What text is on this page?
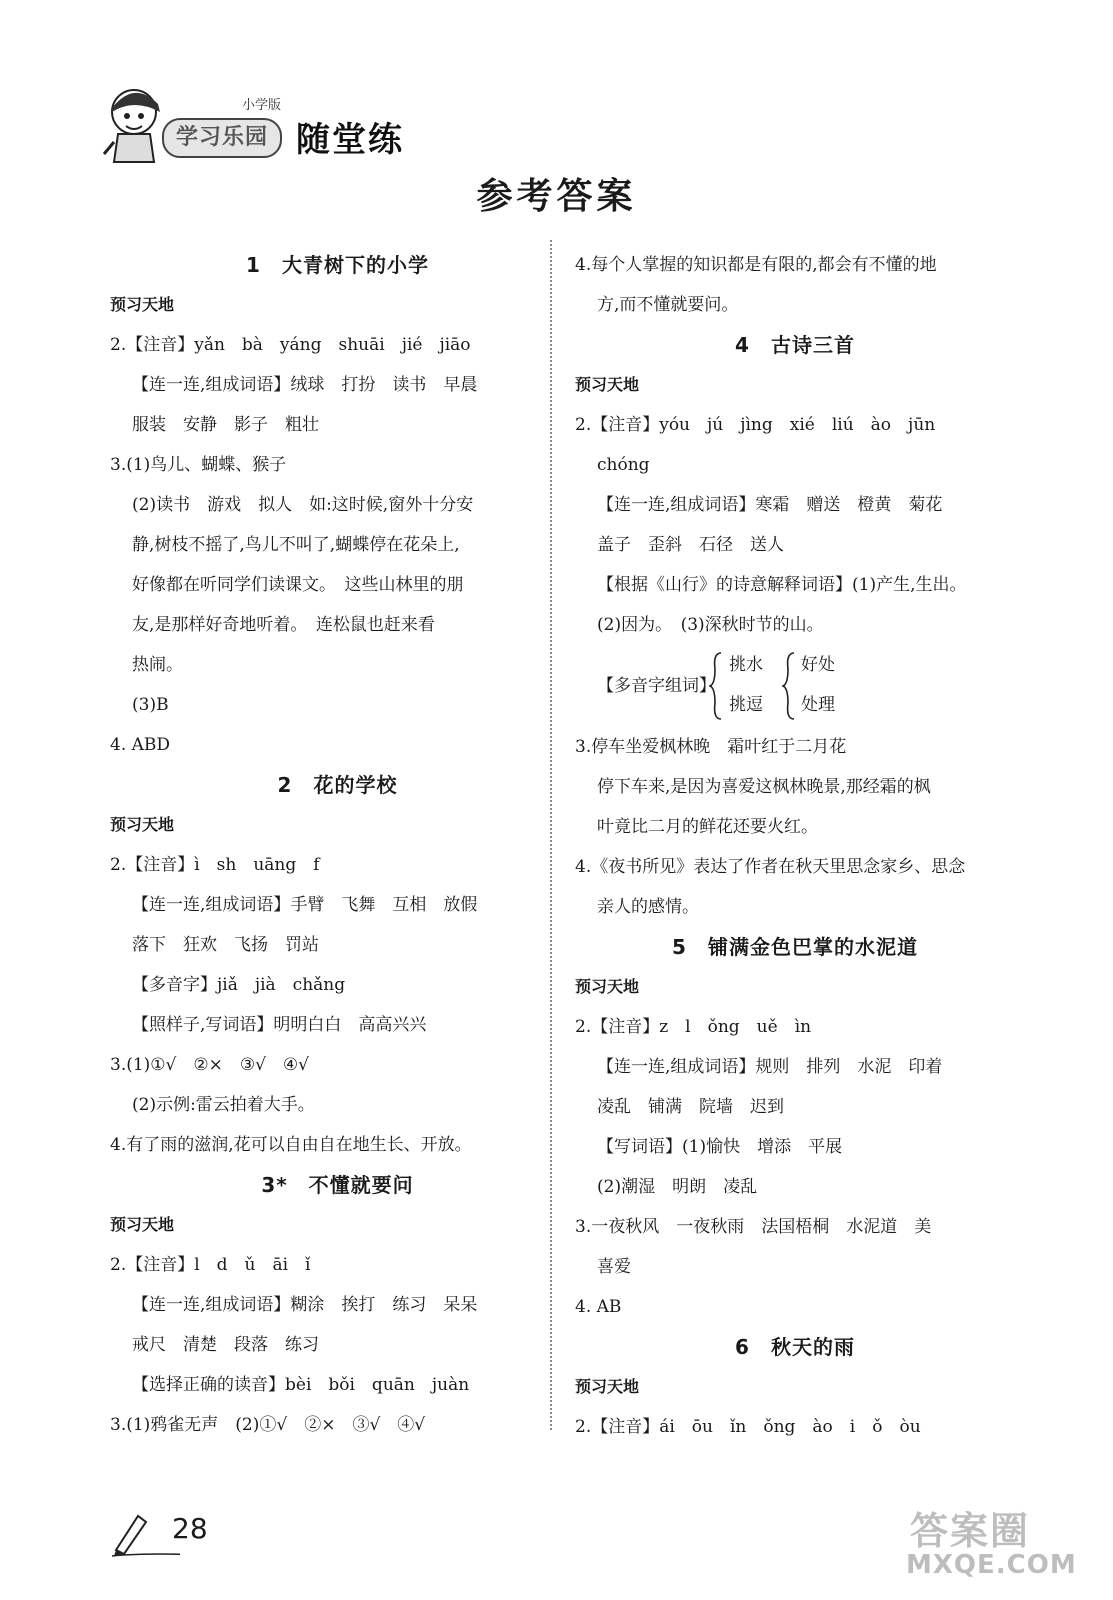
学习乐园
小学版
随堂练
参考答案
1　大青树下的小学
预习天地
2.【注音】yǎn　bà　yáng　shuāi　jié　jiāo
【连一连,组成词语】绒球　打扮　读书　早晨
服装　安静　影子　粗壮
3.(1)鸟儿、蝴蝶、猴子
(2)读书　游戏　拟人　如:这时候,窗外十分安
静,树枝不摇了,鸟儿不叫了,蝴蝶停在花朵上,
好像都在听同学们读课文。　这些山林里的朋
友,是那样好奇地听着。　连松鼠也赶来看
热闹。
(3)B
4. ABD
2　花的学校
预习天地
2.【注音】ì　sh　uāng　f
【连一连,组成词语】手臂　飞舞　互相　放假
落下　狂欢　飞扬　罚站
【多音字】jiǎ　jià　chǎng
【照样子,写词语】明明白白　高高兴兴
3.(1)①√　②×　③√　④√
(2)示例:雷云拍着大手。
4.有了雨的滋润,花可以自由自在地生长、开放。
3*　不懂就要问
预习天地
2.【注音】l　d　ǔ　āi　ǐ
【连一连,组成词语】糊涂　挨打　练习　呆呆
戒尺　清楚　段落　练习
【选择正确的读音】bèi　bǒi　quān　juàn
3.(1)鸦雀无声　(2)①√　②×　③√　④√
4.每个人掌握的知识都是有限的,都会有不懂的地
方,而不懂就要问。
4　古诗三首
预习天地
2.【注音】yóu　jú　jìng　xié　liú　ào　jūn
chóng
【连一连,组成词语】寒霜　赠送　橙黄　菊花
盖子　歪斜　石径　送人
【根据《山行》的诗意解释词语】(1)产生,生出。
(2)因为。　(3)深秋时节的山。
【多音字组词】
挑水
挑逗
好处
处理
3.停车坐爱枫林晚　霜叶红于二月花
停下车来,是因为喜爱这枫林晚景,那经霜的枫
叶竟比二月的鲜花还要火红。
4.《夜书所见》表达了作者在秋天里思念家乡、思念
亲人的感情。
5　铺满金色巴掌的水泥道
预习天地
2.【注音】z　l　ǒng　uě　ìn
【连一连,组成词语】规则　排列　水泥　印着
凌乱　铺满　院墙　迟到
【写词语】(1)愉快　增添　平展
(2)潮湿　明朗　凌乱
3.一夜秋风　一夜秋雨　法国梧桐　水泥道　美
喜爱
4. AB
6　秋天的雨
预习天地
2.【注音】ái　ōu　ǐn　ǒng　ào　i　ǒ　òu
28	答案圈
MXQE.COM
